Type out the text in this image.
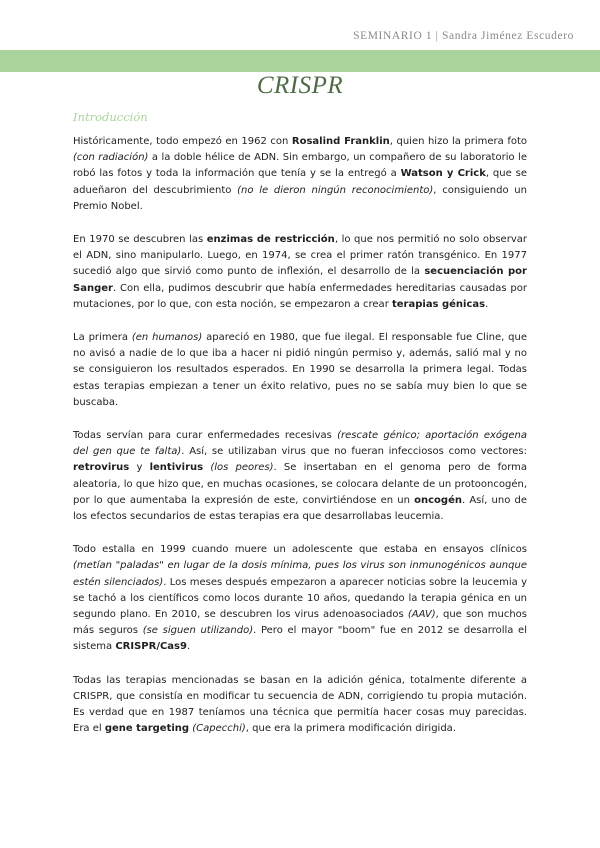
SEMINARIO 1 | Sandra Jiménez Escudero
CRISPR
Introducción

Históricamente, todo empezó en 1962 con Rosalind Franklin, quien hizo la primera foto (con radiación) a la doble hélice de ADN. Sin embargo, un compañero de su laboratorio le robó las fotos y toda la información que tenía y se la entregó a Watson y Crick, que se adueñaron del descubrimiento (no le dieron ningún reconocimiento), consiguiendo un Premio Nobel.

En 1970 se descubren las enzimas de restricción, lo que nos permitió no solo observar el ADN, sino manipularlo. Luego, en 1974, se crea el primer ratón transgénico. En 1977 sucedió algo que sirvió como punto de inflexión, el desarrollo de la secuenciación por Sanger. Con ella, pudimos descubrir que había enfermedades hereditarias causadas por mutaciones, por lo que, con esta noción, se empezaron a crear terapias génicas.

La primera (en humanos) apareció en 1980, que fue ilegal. El responsable fue Cline, que no avisó a nadie de lo que iba a hacer ni pidió ningún permiso y, además, salió mal y no se consiguieron los resultados esperados. En 1990 se desarrolla la primera legal. Todas estas terapias empiezan a tener un éxito relativo, pues no se sabía muy bien lo que se buscaba.

Todas servían para curar enfermedades recesivas (rescate génico; aportación exógena del gen que te falta). Así, se utilizaban virus que no fueran infecciosos como vectores: retrovirus y lentivirus (los peores). Se insertaban en el genoma pero de forma aleatoria, lo que hizo que, en muchas ocasiones, se colocara delante de un protooncogén, por lo que aumentaba la expresión de este, convirtiéndose en un oncogén. Así, uno de los efectos secundarios de estas terapias era que desarrollabas leucemia.

Todo estalla en 1999 cuando muere un adolescente que estaba en ensayos clínicos (metían "paladas" en lugar de la dosis mínima, pues los virus son inmunogénicos aunque estén silenciados). Los meses después empezaron a aparecer noticias sobre la leucemia y se tachó a los científicos como locos durante 10 años, quedando la terapia génica en un segundo plano. En 2010, se descubren los virus adenoasociados (AAV), que son muchos más seguros (se siguen utilizando). Pero el mayor "boom" fue en 2012 se desarrolla el sistema CRISPR/Cas9.

Todas las terapias mencionadas se basan en la adición génica, totalmente diferente a CRISPR, que consistía en modificar tu secuencia de ADN, corrigiendo tu propia mutación. Es verdad que en 1987 teníamos una técnica que permitía hacer cosas muy parecidas. Era el gene targeting (Capecchi), que era la primera modificación dirigida.
